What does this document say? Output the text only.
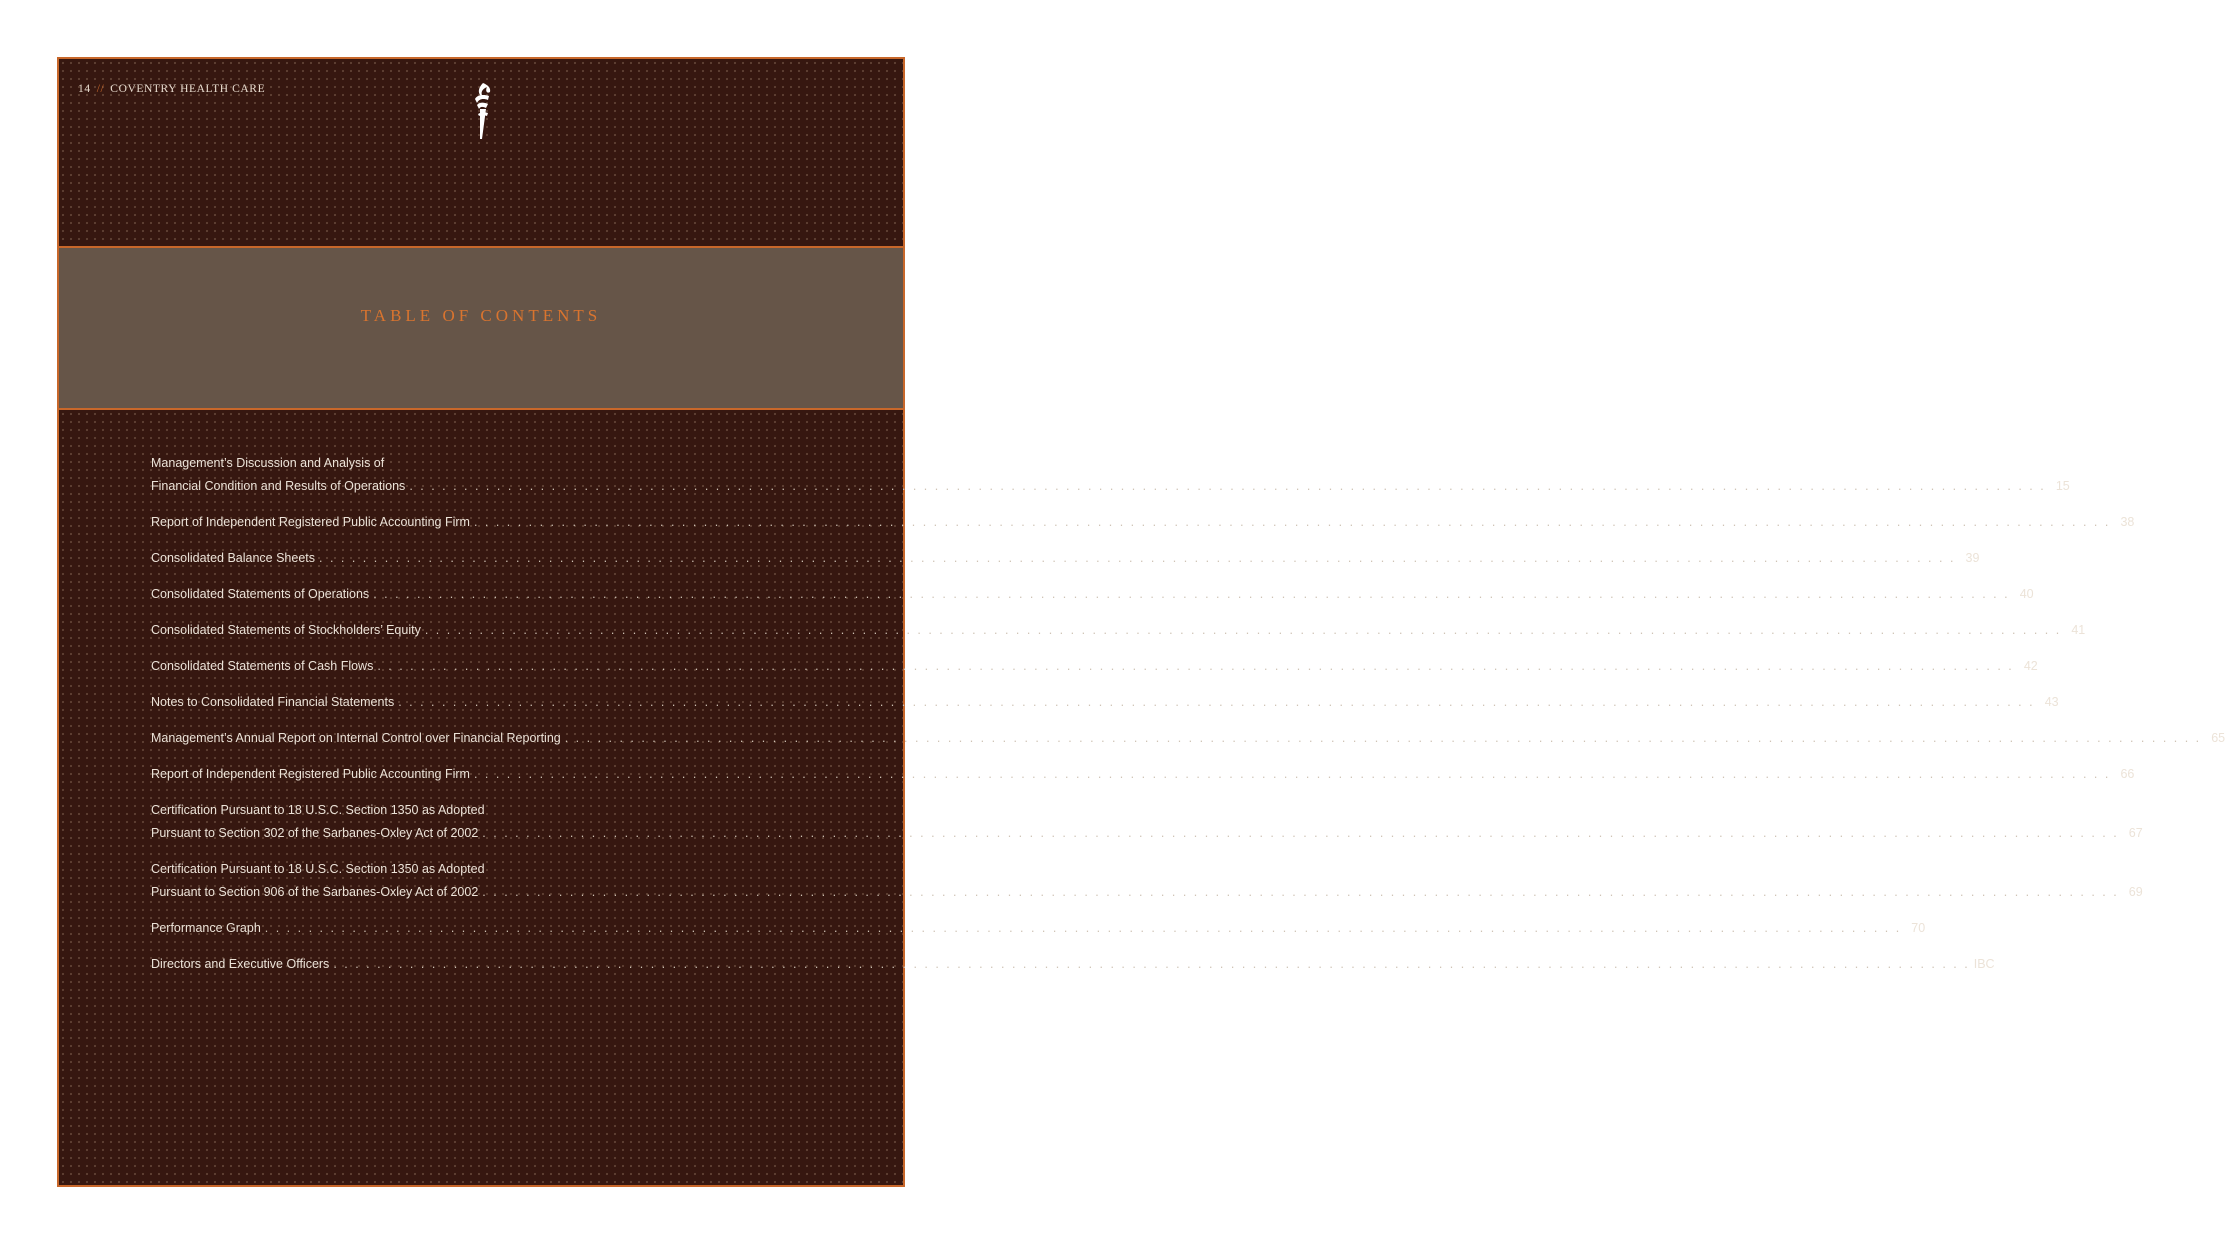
14 // COVENTRY HEALTH CARE
TABLE OF CONTENTS
Management’s Discussion and Analysis of
Financial Condition and Results of Operations . . . . . . . . . . . . . . . . . . . . . . . . . . . . . . . . . . . . . . . . . . . . . . . . . . . . . . . . . . . . . . . . . . . . . . . . . . . . . . . . . . . . . . . . . . . . . . . . . . . . . . . . . . . . . . . . . . . . . . . . . . . . . . . . . . . . . . . . . . . . . . . . . . . . . . 15
Report of Independent Registered Public Accounting Firm . . . . . . . . . . . . . . . . . . . . . . . . . . . . . . . . . . . . . . . . . . . . . . . . . . . . . . . . . . . . . . . . . . . . . . . . . . . . . . . . . . . . . . . . . . . . . . . . . . . . . . . . . . . . . . . . . . . . . . . . . . . . . . . . . . . . . . . . . . . . . . . . . . . . . . 38
Consolidated Balance Sheets . . . . . . . . . . . . . . . . . . . . . . . . . . . . . . . . . . . . . . . . . . . . . . . . . . . . . . . . . . . . . . . . . . . . . . . . . . . . . . . . . . . . . . . . . . . . . . . . . . . . . . . . . . . . . . . . . . . . . . . . . . . . . . . . . . . . . . . . . . . . . . . . . . . . . . 39
Consolidated Statements of Operations . . . . . . . . . . . . . . . . . . . . . . . . . . . . . . . . . . . . . . . . . . . . . . . . . . . . . . . . . . . . . . . . . . . . . . . . . . . . . . . . . . . . . . . . . . . . . . . . . . . . . . . . . . . . . . . . . . . . . . . . . . . . . . . . . . . . . . . . . . . . . . . . . . . . . . 40
Consolidated Statements of Stockholders’ Equity . . . . . . . . . . . . . . . . . . . . . . . . . . . . . . . . . . . . . . . . . . . . . . . . . . . . . . . . . . . . . . . . . . . . . . . . . . . . . . . . . . . . . . . . . . . . . . . . . . . . . . . . . . . . . . . . . . . . . . . . . . . . . . . . . . . . . . . . . . . . . . . . . . . . . . 41
Consolidated Statements of Cash Flows . . . . . . . . . . . . . . . . . . . . . . . . . . . . . . . . . . . . . . . . . . . . . . . . . . . . . . . . . . . . . . . . . . . . . . . . . . . . . . . . . . . . . . . . . . . . . . . . . . . . . . . . . . . . . . . . . . . . . . . . . . . . . . . . . . . . . . . . . . . . . . . . . . . . . . 42
Notes to Consolidated Financial Statements . . . . . . . . . . . . . . . . . . . . . . . . . . . . . . . . . . . . . . . . . . . . . . . . . . . . . . . . . . . . . . . . . . . . . . . . . . . . . . . . . . . . . . . . . . . . . . . . . . . . . . . . . . . . . . . . . . . . . . . . . . . . . . . . . . . . . . . . . . . . . . . . . . . . . . 43
Management’s Annual Report on Internal Control over Financial Reporting . . . . . . . . . . . . . . . . . . . . . . . . . . . . . . . . . . . . . . . . . . . . . . . . . . . . . . . . . . . . . . . . . . . . . . . . . . . . . . . . . . . . . . . . . . . . . . . . . . . . . . . . . . . . . . . . . . . . . . . . . . . . . . . . . . . . . . . . . . . . . . . . . . . . . . 65
Report of Independent Registered Public Accounting Firm . . . . . . . . . . . . . . . . . . . . . . . . . . . . . . . . . . . . . . . . . . . . . . . . . . . . . . . . . . . . . . . . . . . . . . . . . . . . . . . . . . . . . . . . . . . . . . . . . . . . . . . . . . . . . . . . . . . . . . . . . . . . . . . . . . . . . . . . . . . . . . . . . . . . . . 66
Certification Pursuant to 18 U.S.C. Section 1350 as Adopted
Pursuant to Section 302 of the Sarbanes-Oxley Act of 2002 . . . . . . . . . . . . . . . . . . . . . . . . . . . . . . . . . . . . . . . . . . . . . . . . . . . . . . . . . . . . . . . . . . . . . . . . . . . . . . . . . . . . . . . . . . . . . . . . . . . . . . . . . . . . . . . . . . . . . . . . . . . . . . . . . . . . . . . . . . . . . . . . . . . . . . 67
Certification Pursuant to 18 U.S.C. Section 1350 as Adopted
Pursuant to Section 906 of the Sarbanes-Oxley Act of 2002 . . . . . . . . . . . . . . . . . . . . . . . . . . . . . . . . . . . . . . . . . . . . . . . . . . . . . . . . . . . . . . . . . . . . . . . . . . . . . . . . . . . . . . . . . . . . . . . . . . . . . . . . . . . . . . . . . . . . . . . . . . . . . . . . . . . . . . . . . . . . . . . . . . . . . . 69
Performance Graph . . . . . . . . . . . . . . . . . . . . . . . . . . . . . . . . . . . . . . . . . . . . . . . . . . . . . . . . . . . . . . . . . . . . . . . . . . . . . . . . . . . . . . . . . . . . . . . . . . . . . . . . . . . . . . . . . . . . . . . . . . . . . . . . . . . . . . . . . . . . . . . . . . . . . . 70
Directors and Executive Officers . . . . . . . . . . . . . . . . . . . . . . . . . . . . . . . . . . . . . . . . . . . . . . . . . . . . . . . . . . . . . . . . . . . . . . . . . . . . . . . . . . . . . . . . . . . . . . . . . . . . . . . . . . . . . . . . . . . . . . . . . . . . . . . . . . . . . . . . . . . . . . . . . . . . . . IBC
